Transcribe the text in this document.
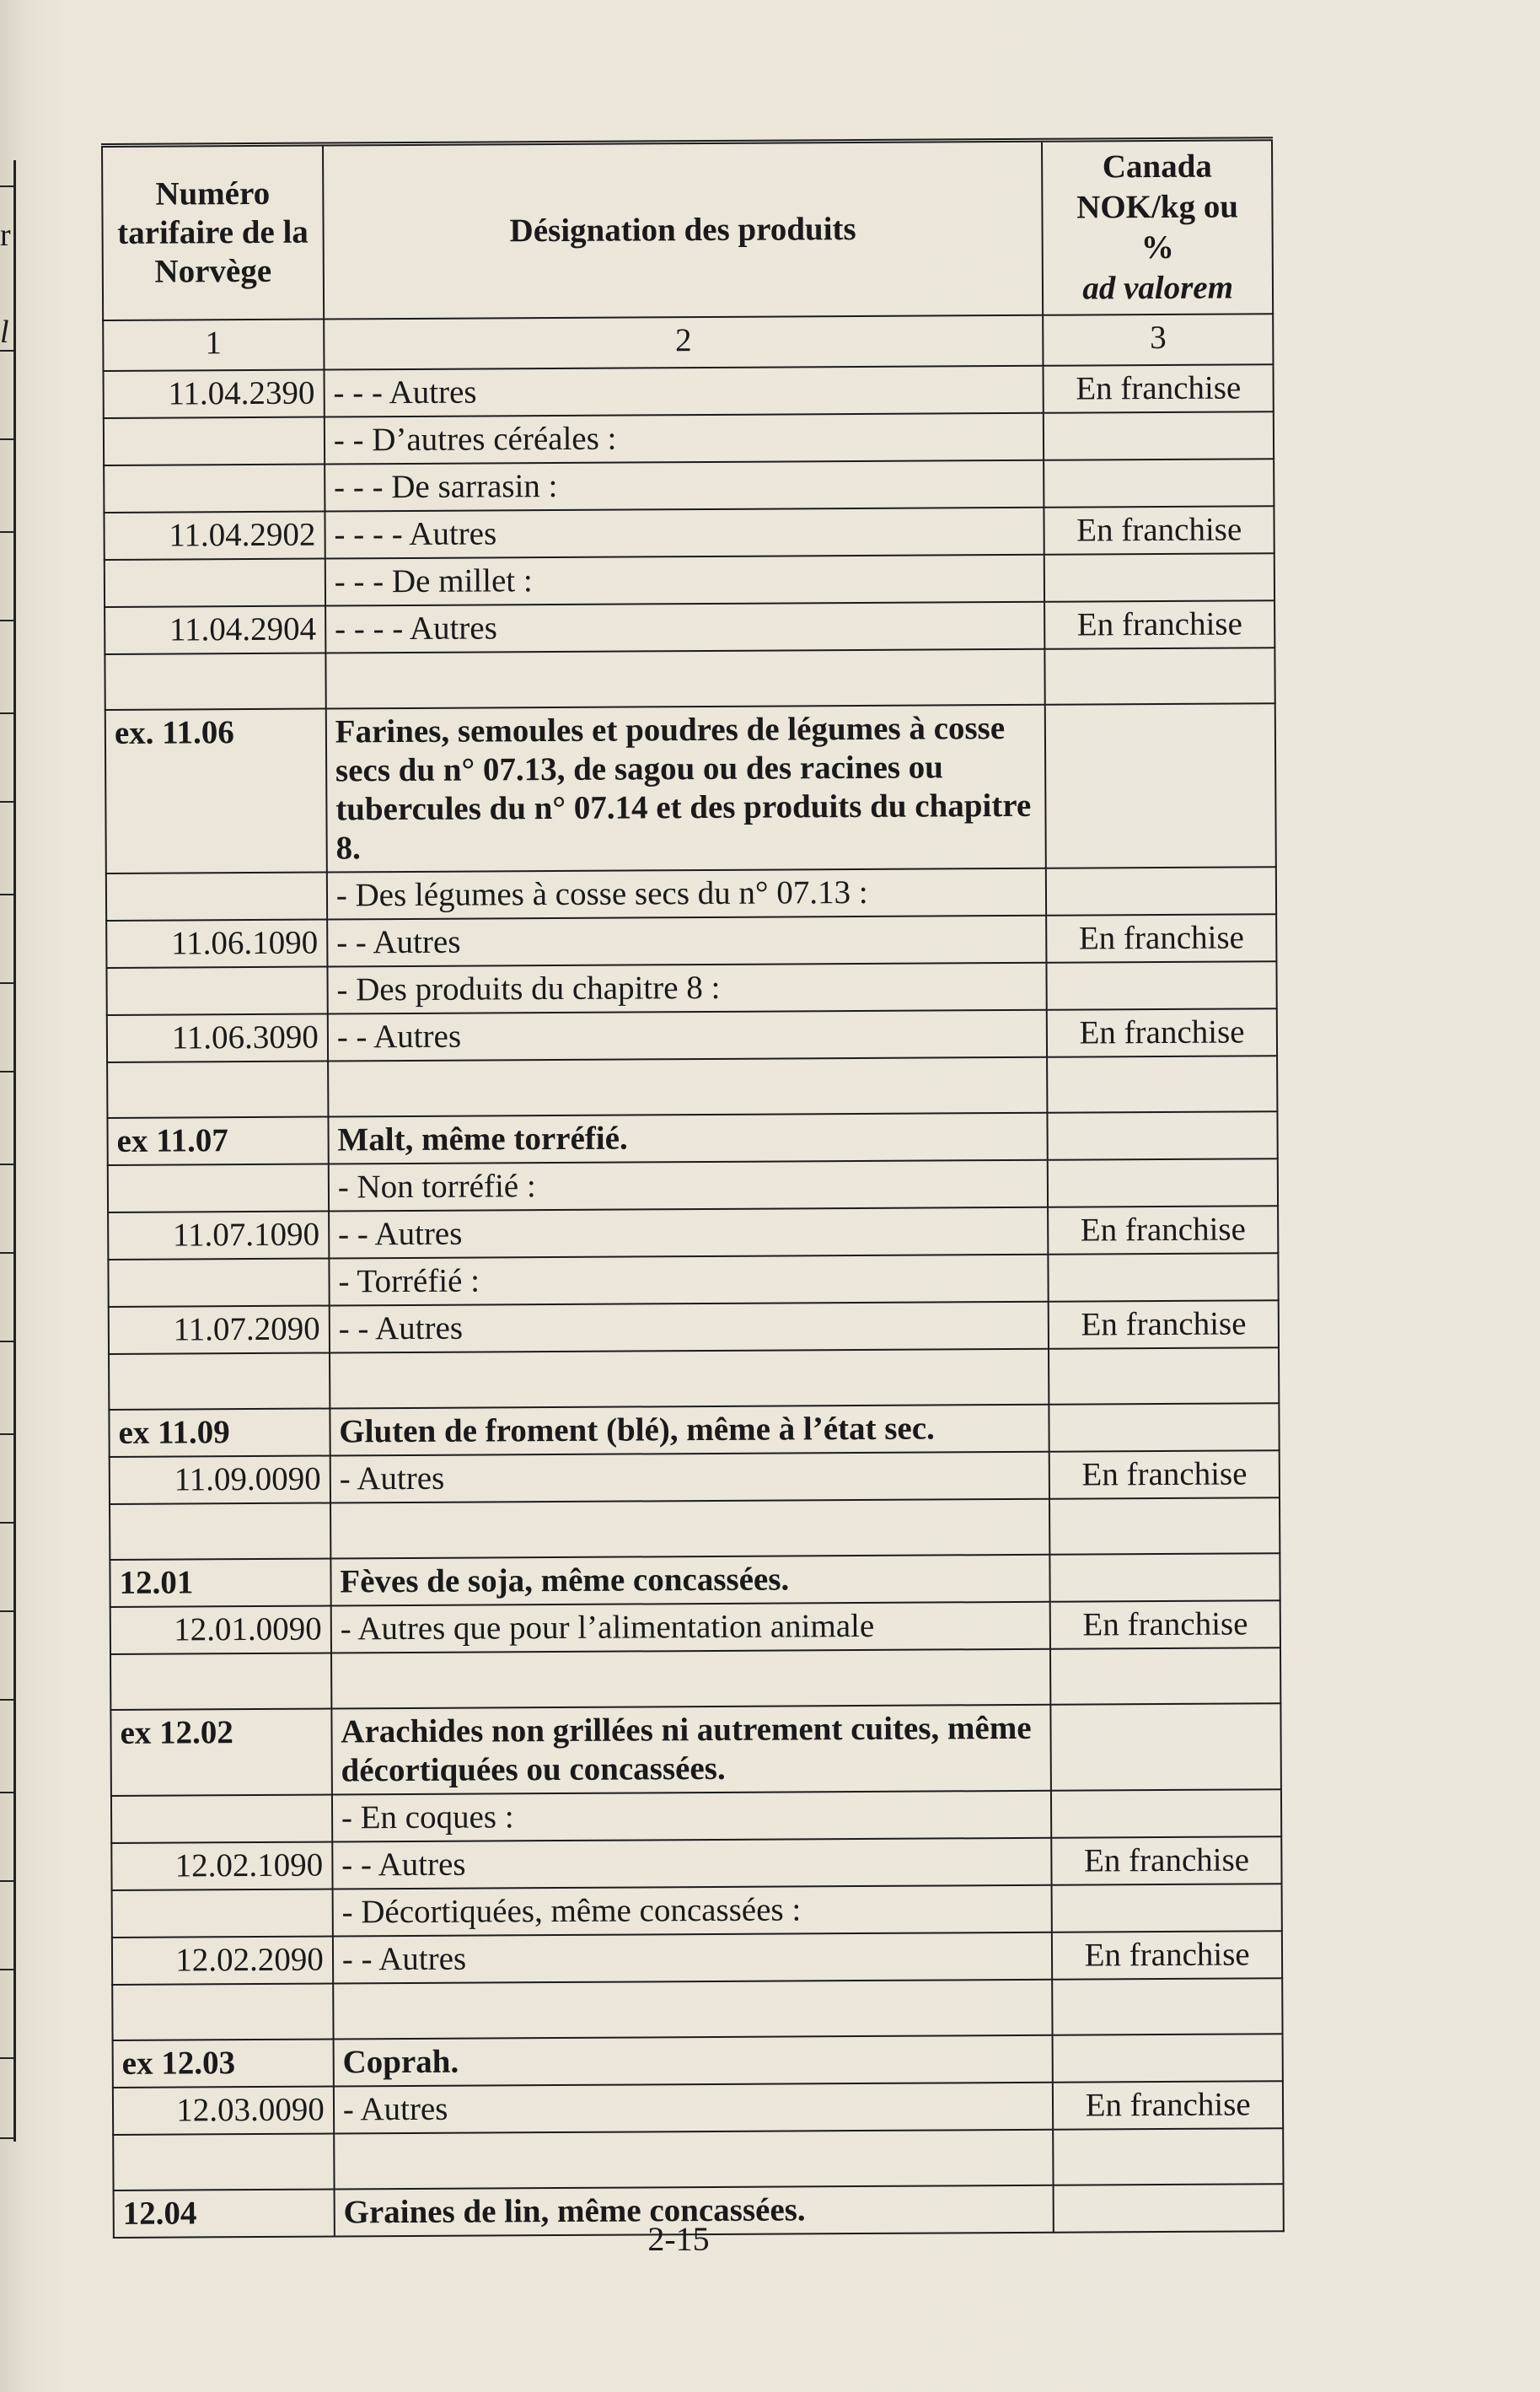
r
l
Numéro tarifaire de la Norvège	Désignation des produits	Canada
NOK/kg ou
%
ad valorem

1	2	3
11.04.2390	- - - Autres	En franchise
	- - D’autres céréales :	
	- - - De sarrasin :	
11.04.2902	- - - - Autres	En franchise
	- - - De millet :	
11.04.2904	- - - - Autres	En franchise

ex. 11.06	Farines, semoules et poudres de légumes à cosse secs du n° 07.13, de sagou ou des racines ou tubercules du n° 07.14 et des produits du chapitre 8.	
	- Des légumes à cosse secs du n° 07.13 :	
11.06.1090	- - Autres	En franchise
	- Des produits du chapitre 8 :	
11.06.3090	- - Autres	En franchise

ex 11.07	Malt, même torréfié.	
	- Non torréfié :	
11.07.1090	- - Autres	En franchise
	- Torréfié :	
11.07.2090	- - Autres	En franchise

ex 11.09	Gluten de froment (blé), même à l’état sec.	
11.09.0090	- Autres	En franchise

12.01	Fèves de soja, même concassées.	
12.01.0090	- Autres que pour l’alimentation animale	En franchise

ex 12.02	Arachides non grillées ni autrement cuites, même décortiquées ou concassées.	
	- En coques :	
12.02.1090	- - Autres	En franchise
	- Décortiquées, même concassées :	
12.02.2090	- - Autres	En franchise

ex 12.03	Coprah.	
12.03.0090	- Autres	En franchise

12.04	Graines de lin, même concassées.	
2-15
